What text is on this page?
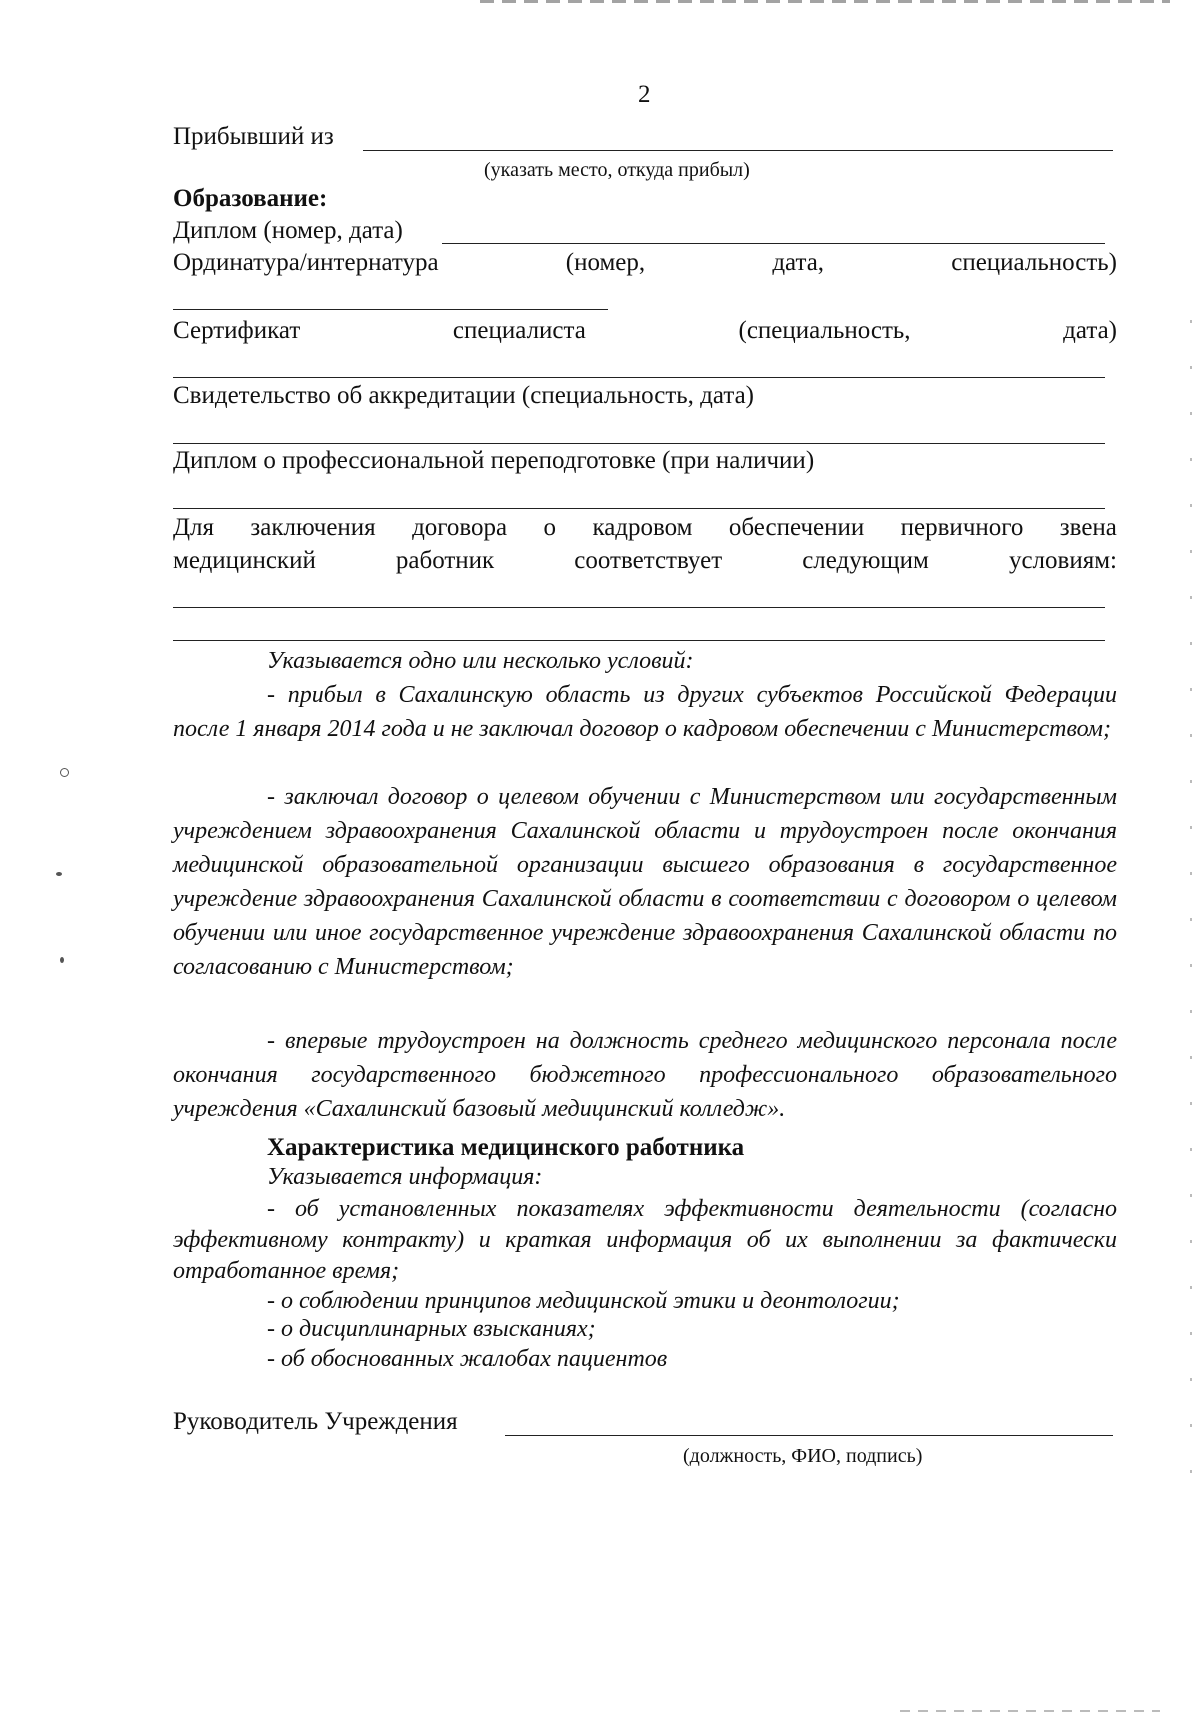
2
Прибывший из
(указать место, откуда прибыл)
Образование:
Диплом (номер, дата)
Ординатура/интернатура	(номер,	дата,	специальность)
Сертификат	специалиста	(специальность,	дата)
Свидетельство об аккредитации (специальность, дата)
Диплом о профессиональной переподготовке (при наличии)
Для заключения договора о кадровом обеспечении первичного звена
медицинский	работник	соответствует	следующим	условиям:
Указывается одно или несколько условий:
- прибыл в Сахалинскую область из других субъектов Российской Федерации после 1 января 2014 года и не заключал договор о кадровом обеспечении с Министерством;
- заключал договор о целевом обучении с Министерством или государственным учреждением здравоохранения Сахалинской области и трудоустроен после окончания медицинской образовательной организации высшего образования в государственное учреждение здравоохранения Сахалинской области в соответствии с договором о целевом обучении или иное государственное учреждение здравоохранения Сахалинской области по согласованию с Министерством;
- впервые трудоустроен на должность среднего медицинского персонала после окончания государственного бюджетного профессионального образовательного учреждения «Сахалинский базовый медицинский колледж».
Характеристика медицинского работника
Указывается информация:
- об установленных показателях эффективности деятельности (согласно эффективному контракту) и краткая информация об их выполнении за фактически отработанное время;
- о соблюдении принципов медицинской этики и деонтологии;
- о дисциплинарных взысканиях;
- об обоснованных жалобах пациентов
Руководитель Учреждения
(должность, ФИО, подпись)
